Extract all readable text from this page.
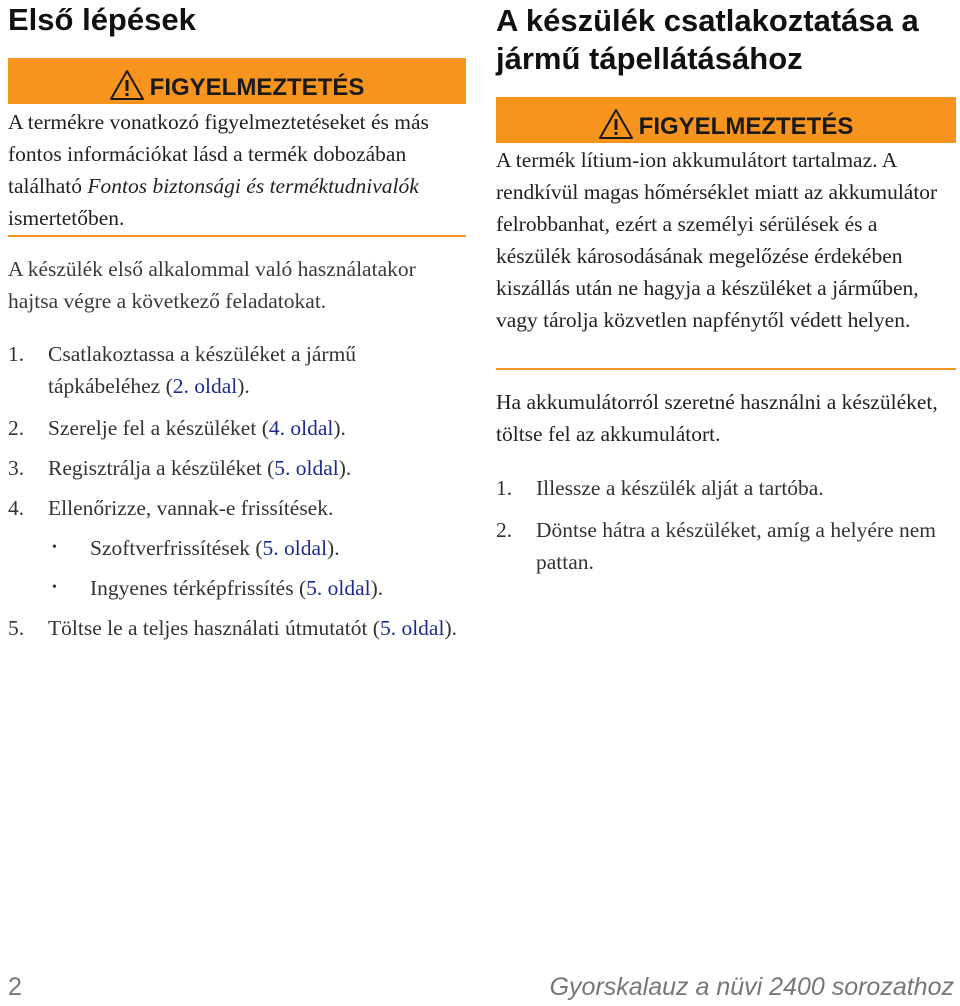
Első lépések
FIGYELMEZTETÉS
A termékre vonatkozó figyelmeztetéseket és más fontos információkat lásd a termék dobozában található Fontos biztonsági és terméktudnivalók ismertetőben.
A készülék első alkalommal való használatakor hajtsa végre a következő feladatokat.
1. Csatlakoztassa a készüléket a jármű tápkábeléhez (2. oldal).
2. Szerelje fel a készüléket (4. oldal).
3. Regisztrálja a készüléket (5. oldal).
4. Ellenőrizze, vannak-e frissítések.
• Szoftverfrissítések (5. oldal).
• Ingyenes térképfrissítés (5. oldal).
5. Töltse le a teljes használati útmutatót (5. oldal).
A készülék csatlakoztatása a jármű tápellátásához
FIGYELMEZTETÉS
A termék lítium-ion akkumulátort tartalmaz. A rendkívül magas hőmérséklet miatt az akkumulátor felrobbanhat, ezért a személyi sérülések és a készülék károsodásának megelőzése érdekében kiszállás után ne hagyja a készüléket a járműben, vagy tárolja közvetlen napfénytől védett helyen.
Ha akkumulátorról szeretné használni a készüléket, töltse fel az akkumulátort.
1. Illessze a készülék alját a tartóba.
2. Döntse hátra a készüléket, amíg a helyére nem pattan.
2	Gyorskalauz a nüvi 2400 sorozathoz
